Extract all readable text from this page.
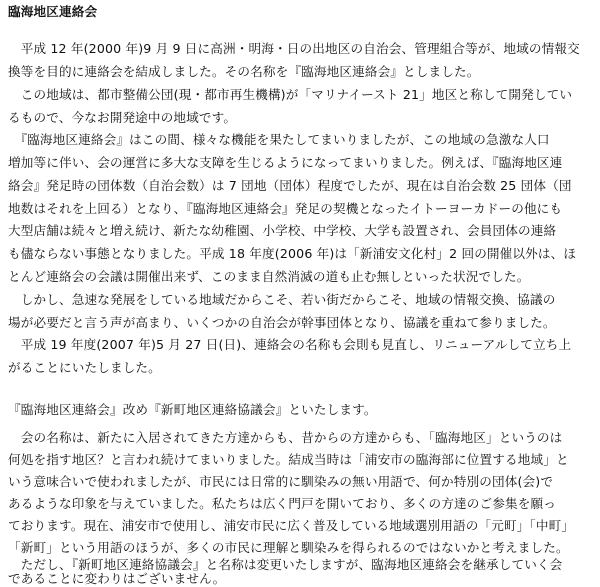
臨海地区連絡会
　平成 12 年(2000 年)9 月 9 日に高洲・明海・日の出地区の自治会、管理組合等が、地域の情報交
換等を目的に連絡会を結成しました。その名称を『臨海地区連絡会』としました。
　この地域は、都市整備公団(現・都市再生機構)が「マリナイースト 21」地区と称して開発してい
るもので、今なお開発途中の地域です。
　『臨海地区連絡会』はこの間、様々な機能を果たしてまいりましたが、この地域の急激な人口
増加等に伴い、会の運営に多大な支障を生じるようになってまいりました。例えば、『臨海地区連
絡会』発足時の団体数（自治会数）は 7 団地（団体）程度でしたが、現在は自治会数 25 団体（団
地数はそれを上回る）となり、『臨海地区連絡会』発足の契機となったイトーヨーカドーの他にも
大型店舗は続々と増え続け、新たな幼稚園、小学校、中学校、大学も設置され、会員団体の連絡
も儘ならない事態となりました。平成 18 年度(2006 年)は「新浦安文化村」2 回の開催以外は、ほ
とんど連絡会の会議は開催出来ず、このまま自然消滅の道も止む無しといった状況でした。
　しかし、急速な発展をしている地域だからこそ、若い街だからこそ、地域の情報交換、協議の
場が必要だと言う声が高まり、いくつかの自治会が幹事団体となり、協議を重ねて参りました。
　平成 19 年度(2007 年)5 月 27 日(日)、連絡会の名称も会則も見直し、リニューアルして立ち上
がることにいたしました。
『臨海地区連絡会』改め『新町地区連絡協議会』といたします。
　会の名称は、新たに入居されてきた方達からも、昔からの方達からも、「臨海地区」というのは
何処を指す地区？と言われ続けてまいりました。結成当時は「浦安市の臨海部に位置する地域」と
いう意味合いで使われましたが、市民には日常的に馴染みの無い用語で、何か特別の団体(会)で
あるような印象を与えていました。私たちは広く門戸を開いており、多くの方達のご参集を願っ
ております。現在、浦安市で使用し、浦安市民に広く普及している地域選別用語の「元町」「中町」
「新町」という用語のほうが、多くの市民に理解と馴染みを得られるのではないかと考えました。
　ただし、『新町地区連絡協議会』と名称は変更いたしますが、臨海地区連絡会を継承していく会
であることに変わりはございません。
